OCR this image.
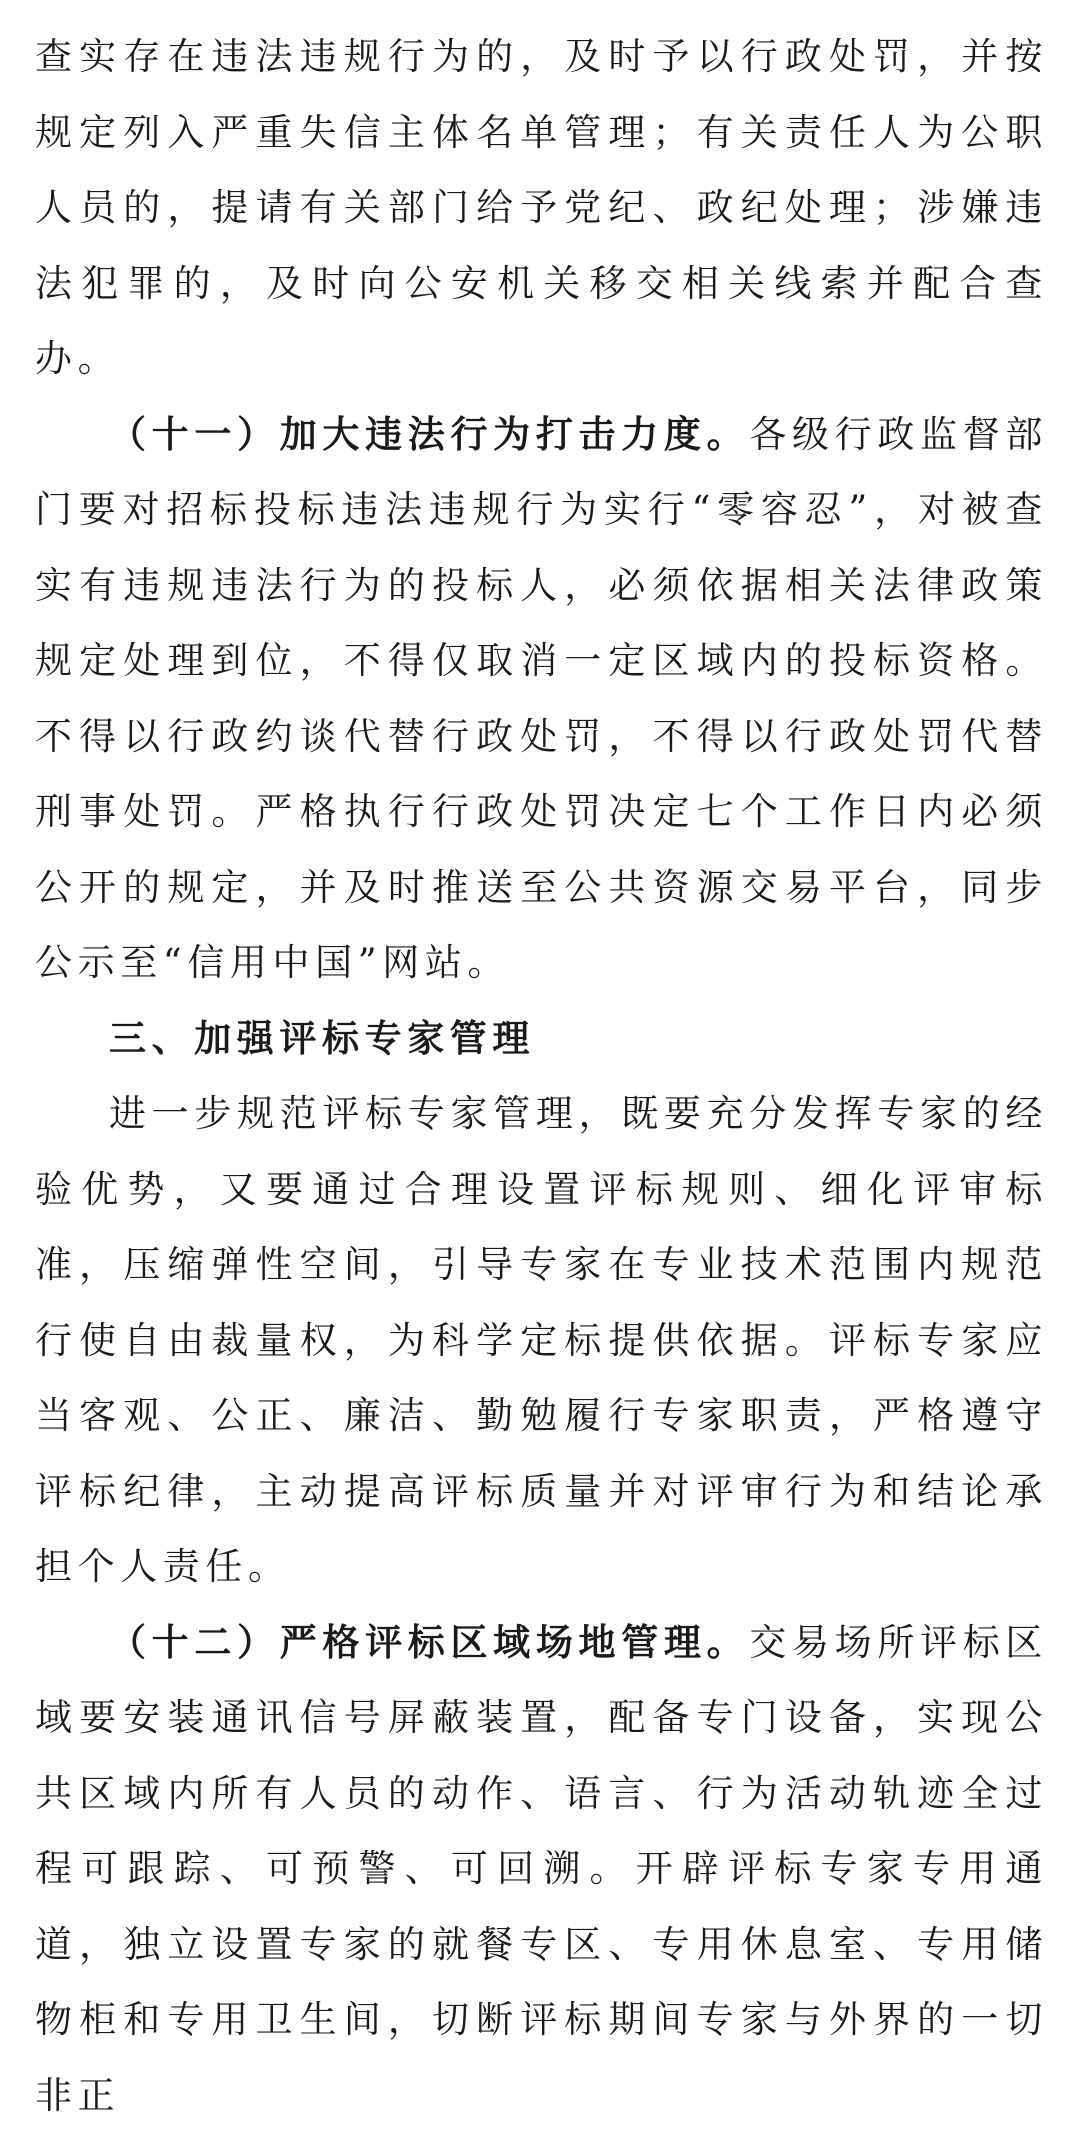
查实存在违法违规行为的，及时予以行政处罚，并按规定列入严重失信主体名单管理；有关责任人为公职人员的，提请有关部门给予党纪、政纪处理；涉嫌违法犯罪的，及时向公安机关移交相关线索并配合查办。

（十一）加大违法行为打击力度。各级行政监督部门要对招标投标违法违规行为实行“零容忍”，对被查实有违规违法行为的投标人，必须依据相关法律政策规定处理到位，不得仅取消一定区域内的投标资格。不得以行政约谈代替行政处罚，不得以行政处罚代替刑事处罚。严格执行行政处罚决定七个工作日内必须公开的规定，并及时推送至公共资源交易平台，同步公示至“信用中国”网站。

三、加强评标专家管理

进一步规范评标专家管理，既要充分发挥专家的经验优势，又要通过合理设置评标规则、细化评审标准，压缩弹性空间，引导专家在专业技术范围内规范行使自由裁量权，为科学定标提供依据。评标专家应当客观、公正、廉洁、勤勉履行专家职责，严格遵守评标纪律，主动提高评标质量并对评审行为和结论承担个人责任。

（十二）严格评标区域场地管理。交易场所评标区域要安装通讯信号屏蔽装置，配备专门设备，实现公共区域内所有人员的动作、语言、行为活动轨迹全过程可跟踪、可预警、可回溯。开辟评标专家专用通道，独立设置专家的就餐专区、专用休息室、专用储物柜和专用卫生间，切断评标期间专家与外界的一切非正
